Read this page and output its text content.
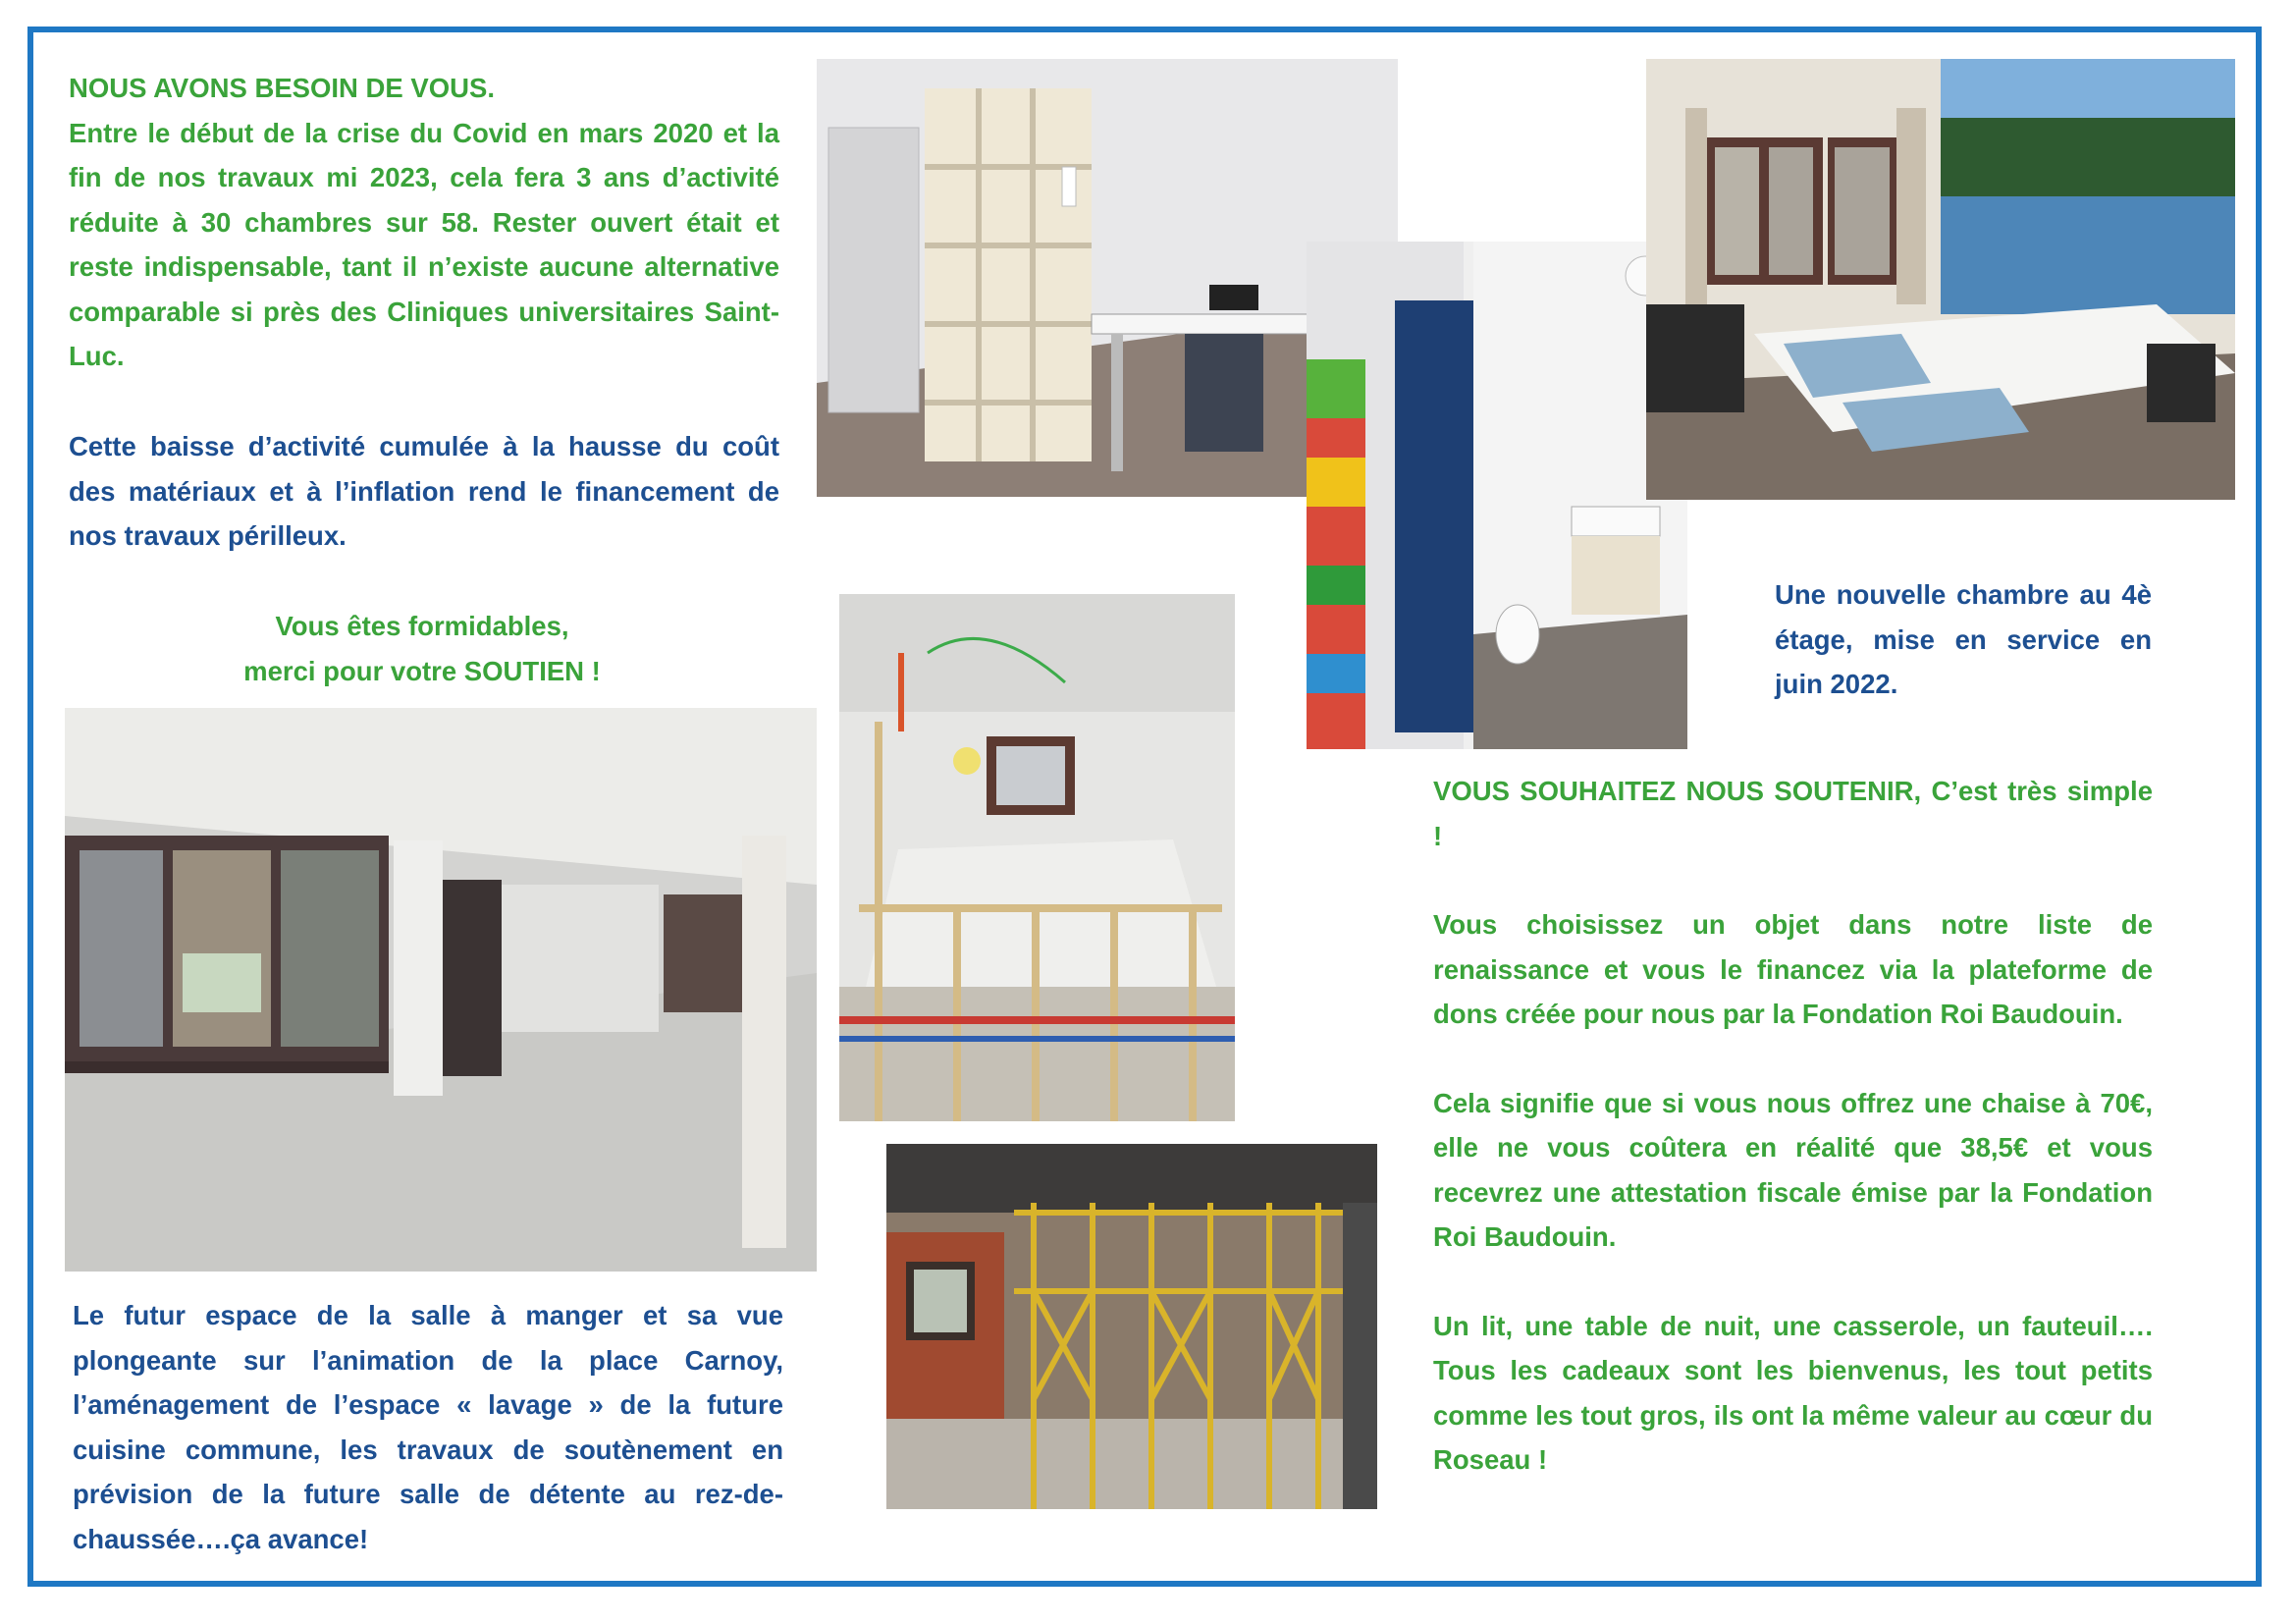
NOUS AVONS BESOIN DE VOUS.

Entre le début de la crise du Covid en mars 2020 et la fin de nos travaux mi 2023, cela fera 3 ans d’activité réduite à 30 chambres sur 58. Rester ouvert était et reste indispensable, tant il n’existe aucune alternative comparable si près des Cliniques universitaires Saint-Luc.

Cette baisse d’activité cumulée à la hausse du coût des matériaux et à l’inflation rend le financement de nos travaux périlleux.

Vous êtes formidables,

merci pour votre SOUTIEN !

Le futur espace de la salle à manger et sa vue plongeante sur l’animation de la place Carnoy, l’aménagement de l’espace « lavage » de la future cuisine commune, les travaux de soutènement en prévision de la future salle de détente au rez-de-chaussée….ça avance!
Une nouvelle chambre au 4è étage, mise en service en juin 2022.

VOUS SOUHAITEZ NOUS SOUTENIR, C’est très simple !

Vous choisissez un objet dans notre liste de renaissance et vous le financez via la plateforme de dons créée pour nous par la Fondation Roi Baudouin.

Cela signifie que si vous nous offrez une chaise à 70€, elle ne vous coûtera en réalité que 38,5€ et vous recevrez une attestation fiscale émise par la Fondation Roi Baudouin.

Un lit, une table de nuit, une casserole, un fauteuil…. Tous les cadeaux sont les bienvenus, les tout petits comme les tout gros, ils ont la même valeur au cœur du Roseau !
